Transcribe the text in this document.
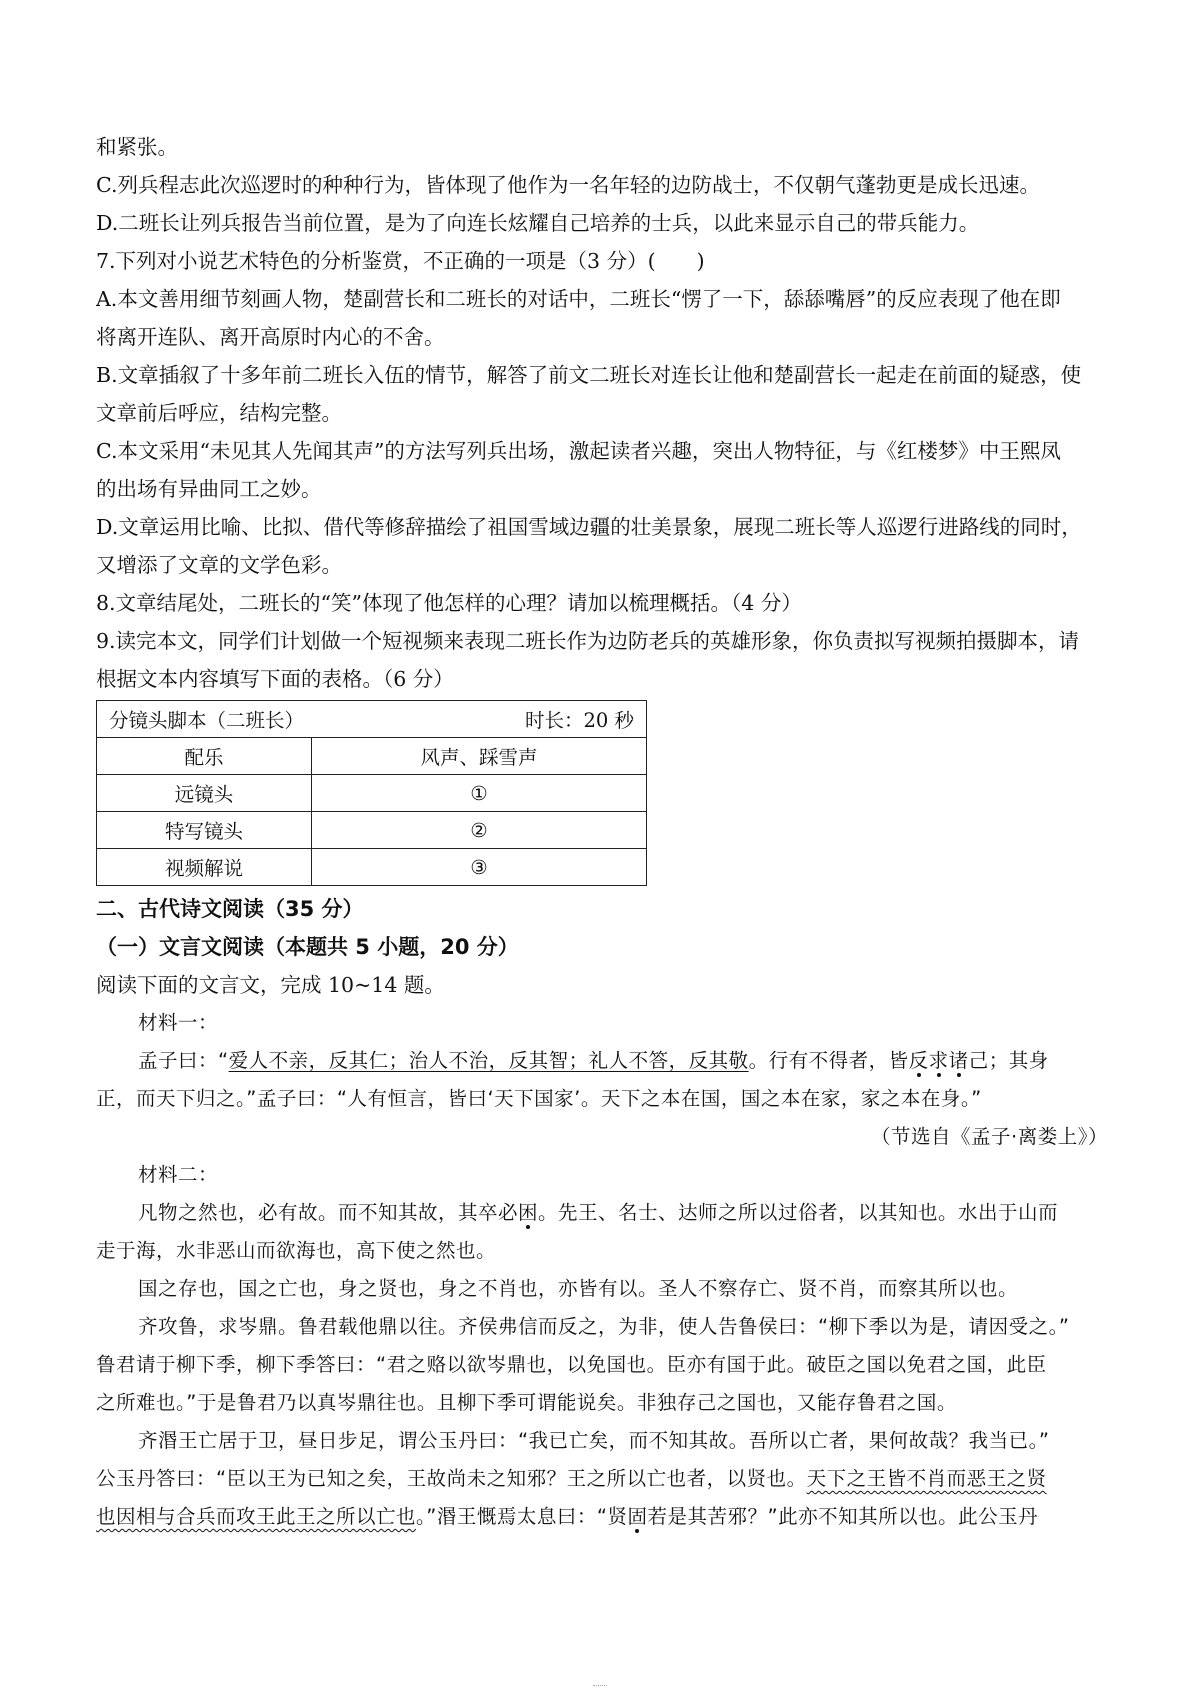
和紧张。
C.列兵程志此次巡逻时的种种行为，皆体现了他作为一名年轻的边防战士，不仅朝气蓬勃更是成长迅速。
D.二班长让列兵报告当前位置，是为了向连长炫耀自己培养的士兵，以此来显示自己的带兵能力。
7.下列对小说艺术特色的分析鉴赏，不正确的一项是（3 分）(　　)
A.本文善用细节刻画人物，楚副营长和二班长的对话中，二班长“愣了一下，舔舔嘴唇”的反应表现了他在即
将离开连队、离开高原时内心的不舍。
B.文章插叙了十多年前二班长入伍的情节，解答了前文二班长对连长让他和楚副营长一起走在前面的疑惑，使
文章前后呼应，结构完整。
C.本文采用“未见其人先闻其声”的方法写列兵出场，激起读者兴趣，突出人物特征，与《红楼梦》中王熙凤
的出场有异曲同工之妙。
D.文章运用比喻、比拟、借代等修辞描绘了祖国雪域边疆的壮美景象，展现二班长等人巡逻行进路线的同时，
又增添了文章的文学色彩。
8.文章结尾处，二班长的“笑”体现了他怎样的心理？请加以梳理概括。（4 分）
9.读完本文，同学们计划做一个短视频来表现二班长作为边防老兵的英雄形象，你负责拟写视频拍摄脚本，请
根据文本内容填写下面的表格。（6 分）
分镜头脚本（二班长） 时长：20 秒	

配乐	风声、踩雪声
远镜头	①
特写镜头	②
视频解说	③
二、古代诗文阅读（35 分）
（一）文言文阅读（本题共 5 小题，20 分）
阅读下面的文言文，完成 10~14 题。
材料一：
孟子曰：“爱人不亲，反其仁；治人不治，反其智；礼人不答，反其敬。行有不得者，皆反求诸己；其身
正，而天下归之。”孟子曰：“人有恒言，皆曰‘天下国家’。天下之本在国，国之本在家，家之本在身。”
（节选自《孟子·离娄上》）
材料二：
凡物之然也，必有故。而不知其故，其卒必困。先王、名士、达师之所以过俗者，以其知也。水出于山而
走于海，水非恶山而欲海也，高下使之然也。
国之存也，国之亡也，身之贤也，身之不肖也，亦皆有以。圣人不察存亡、贤不肖，而察其所以也。
齐攻鲁，求岑鼎。鲁君载他鼎以往。齐侯弗信而反之，为非，使人告鲁侯曰：“柳下季以为是，请因受之。”
鲁君请于柳下季，柳下季答曰：“君之赂以欲岑鼎也，以免国也。臣亦有国于此。破臣之国以免君之国，此臣
之所难也。”于是鲁君乃以真岑鼎往也。且柳下季可谓能说矣。非独存己之国也，又能存鲁君之国。
齐湣王亡居于卫，昼日步足，谓公玉丹曰：“我已亡矣，而不知其故。吾所以亡者，果何故哉？我当已。”
公玉丹答曰：“臣以王为已知之矣，王故尚未之知邪？王之所以亡也者，以贤也。天下之王皆不肖而恶王之贤
也因相与合兵而攻王此王之所以亡也。”湣王慨焉太息曰：“贤固若是其苦邪？”此亦不知其所以也。此公玉丹
